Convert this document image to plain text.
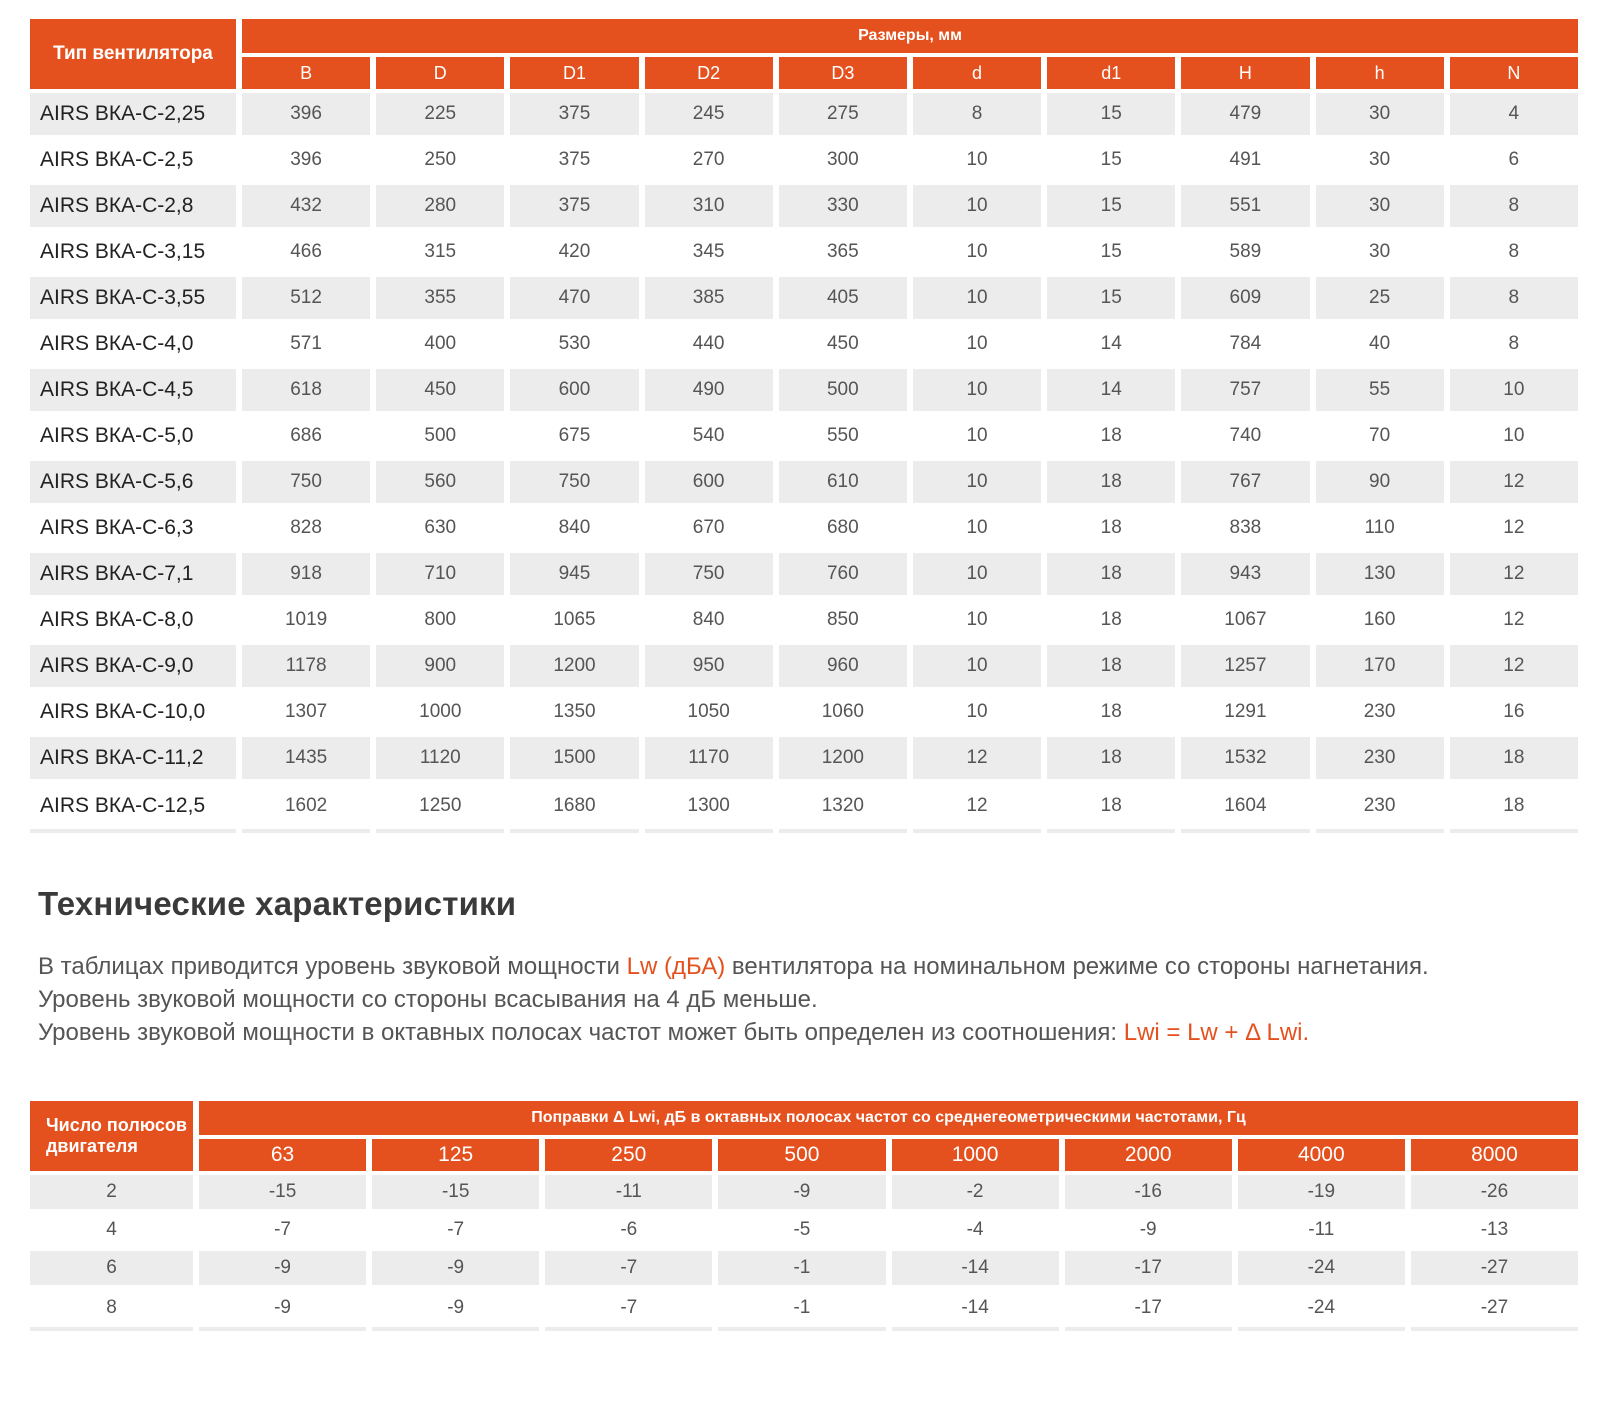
Тип вентилятора	Размеры, мм									
	B	D	D1	D2	D3	d	d1	H	h	N
AIRS ВКА-С-2,25	396	225	375	245	275	8	15	479	30	4
AIRS ВКА-С-2,5	396	250	375	270	300	10	15	491	30	6
AIRS ВКА-С-2,8	432	280	375	310	330	10	15	551	30	8
AIRS ВКА-С-3,15	466	315	420	345	365	10	15	589	30	8
AIRS ВКА-С-3,55	512	355	470	385	405	10	15	609	25	8
AIRS ВКА-С-4,0	571	400	530	440	450	10	14	784	40	8
AIRS ВКА-С-4,5	618	450	600	490	500	10	14	757	55	10
AIRS ВКА-С-5,0	686	500	675	540	550	10	18	740	70	10
AIRS ВКА-С-5,6	750	560	750	600	610	10	18	767	90	12
AIRS ВКА-С-6,3	828	630	840	670	680	10	18	838	110	12
AIRS ВКА-С-7,1	918	710	945	750	760	10	18	943	130	12
AIRS ВКА-С-8,0	1019	800	1065	840	850	10	18	1067	160	12
AIRS ВКА-С-9,0	1178	900	1200	950	960	10	18	1257	170	12
AIRS ВКА-С-10,0	1307	1000	1350	1050	1060	10	18	1291	230	16
AIRS ВКА-С-11,2	1435	1120	1500	1170	1200	12	18	1532	230	18
AIRS ВКА-С-12,5	1602	1250	1680	1300	1320	12	18	1604	230	18
Технические характеристики
В таблицах приводится уровень звуковой мощности Lw (дБА) вентилятора на номинальном режиме со стороны нагнетания.
Уровень звуковой мощности со стороны всасывания на 4 дБ меньше.
Уровень звуковой мощности в октавных полосах частот может быть определен из соотношения: Lwi = Lw + Δ Lwi.
Число полюсов двигателя	Поправки Δ Lwi, дБ в октавных полосах частот со среднегеометрическими частотами, Гц							
	63	125	250	500	1000	2000	4000	8000
2	-15	-15	-11	-9	-2	-16	-19	-26
4	-7	-7	-6	-5	-4	-9	-11	-13
6	-9	-9	-7	-1	-14	-17	-24	-27
8	-9	-9	-7	-1	-14	-17	-24	-27
